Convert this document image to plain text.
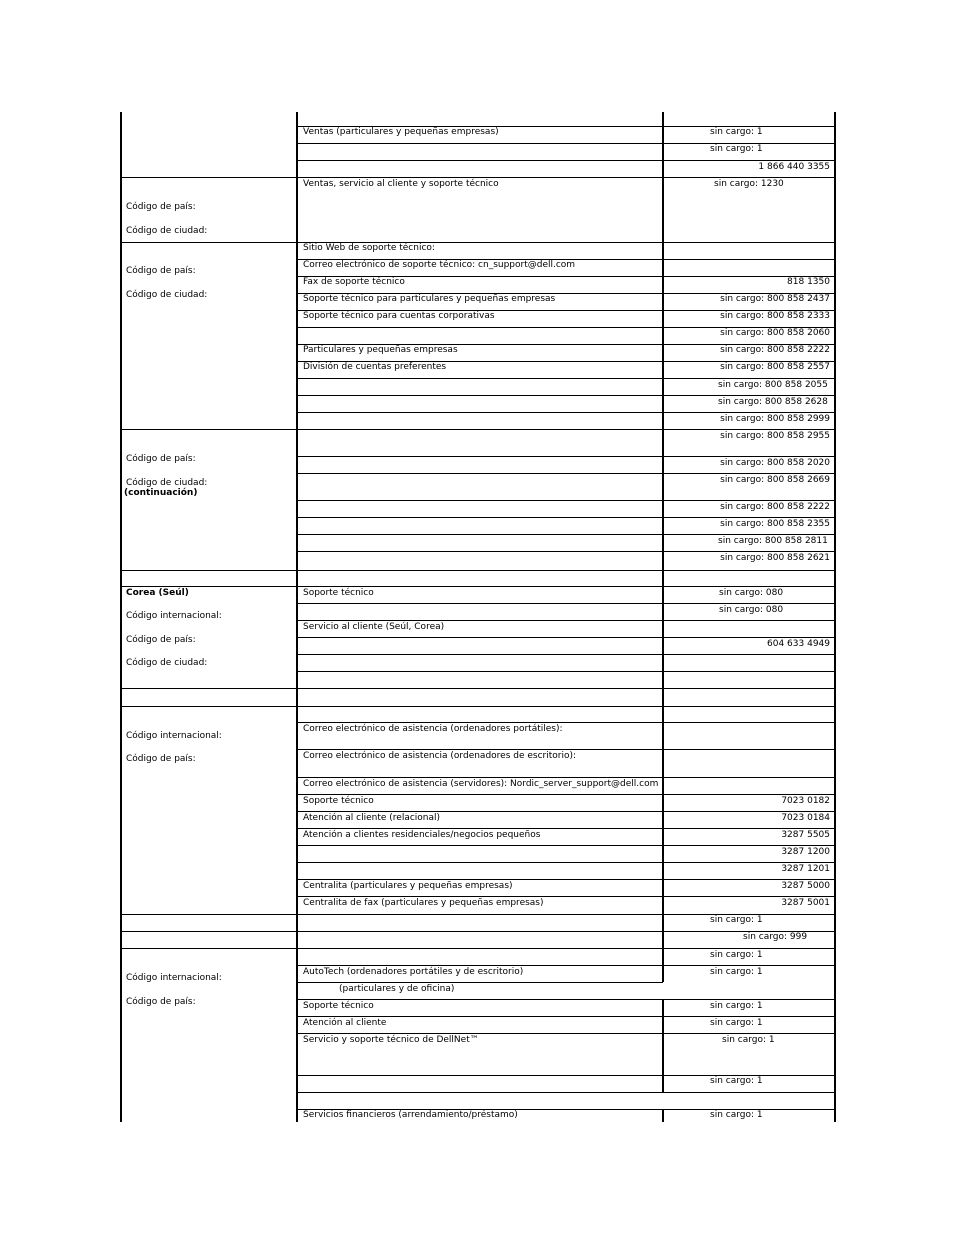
Código de país:
Código de ciudad:
Código de país:
Código de ciudad:
Código de país:
Código de ciudad:
(continuación)
Corea (Seúl)
Código internacional:
Código de país:
Código de ciudad:
Código internacional:
Código de país:
Código internacional:
Código de país:
Ventas (particulares y pequeñas empresas)
Ventas, servicio al cliente y soporte técnico
Sitio Web de soporte técnico:
Correo electrónico de soporte técnico: cn_support@dell.com
Fax de soporte técnico
Soporte técnico para particulares y pequeñas empresas
Soporte técnico para cuentas corporativas
Particulares y pequeñas empresas
División de cuentas preferentes
Soporte técnico
Servicio al cliente (Seúl, Corea)
Correo electrónico de asistencia (ordenadores portátiles):
Correo electrónico de asistencia (ordenadores de escritorio):
Correo electrónico de asistencia (servidores): Nordic_server_support@dell.com
Soporte técnico
Atención al cliente (relacional)
Atención a clientes residenciales/negocios pequeños
Centralita (particulares y pequeñas empresas)
Centralita de fax (particulares y pequeñas empresas)
AutoTech (ordenadores portátiles y de escritorio)
(particulares y de oficina)
Soporte técnico
Atención al cliente
Servicio y soporte técnico de DellNet™
Servicios financieros (arrendamiento/préstamo)
sin cargo: 1
sin cargo: 1
1 866 440 3355
sin cargo: 1230
818 1350
sin cargo: 800 858 2437
sin cargo: 800 858 2333
sin cargo: 800 858 2060
sin cargo: 800 858 2222
sin cargo: 800 858 2557
sin cargo: 800 858 2055
sin cargo: 800 858 2628
sin cargo: 800 858 2999
sin cargo: 800 858 2955
sin cargo: 800 858 2020
sin cargo: 800 858 2669
sin cargo: 800 858 2222
sin cargo: 800 858 2355
sin cargo: 800 858 2811
sin cargo: 800 858 2621
sin cargo: 080
sin cargo: 080
604 633 4949
7023 0182
7023 0184
3287 5505
3287 1200
3287 1201
3287 5000
3287 5001
sin cargo: 1
sin cargo: 999
sin cargo: 1
sin cargo: 1
sin cargo: 1
sin cargo: 1
sin cargo: 1
sin cargo: 1
sin cargo: 1
